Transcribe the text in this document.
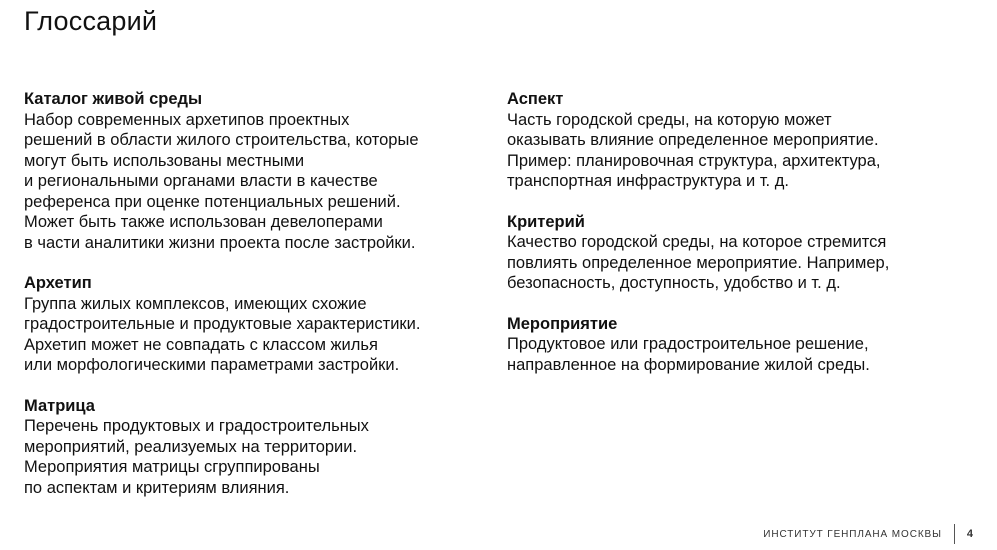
Глоссарий

Каталог живой среды

Набор современных архетипов проектных
решений в области жилого строительства, которые
могут быть использованы местными
и региональными органами власти в качестве
референса при оценке потенциальных решений.
Может быть также использован девелоперами
в части аналитики жизни проекта после застройки.

Архетип

Группа жилых комплексов, имеющих схожие
градостроительные и продуктовые характеристики.
Архетип может не совпадать с классом жилья
или морфологическими параметрами застройки.

Матрица

Перечень продуктовых и градостроительных
мероприятий, реализуемых на территории.
Мероприятия матрицы сгруппированы
по аспектам и критериям влияния.

Аспект

Часть городской среды, на которую может
оказывать влияние определенное мероприятие.
Пример: планировочная структура, архитектура,
транспортная инфраструктура и т. д.

Критерий

Качество городской среды, на которое стремится
повлиять определенное мероприятие. Например,
безопасность, доступность, удобство и т. д.

Мероприятие

Продуктовое или градостроительное решение,
направленное на формирование жилой среды.

ИНСТИТУТ ГЕНПЛАНА МОСКВЫ 4
